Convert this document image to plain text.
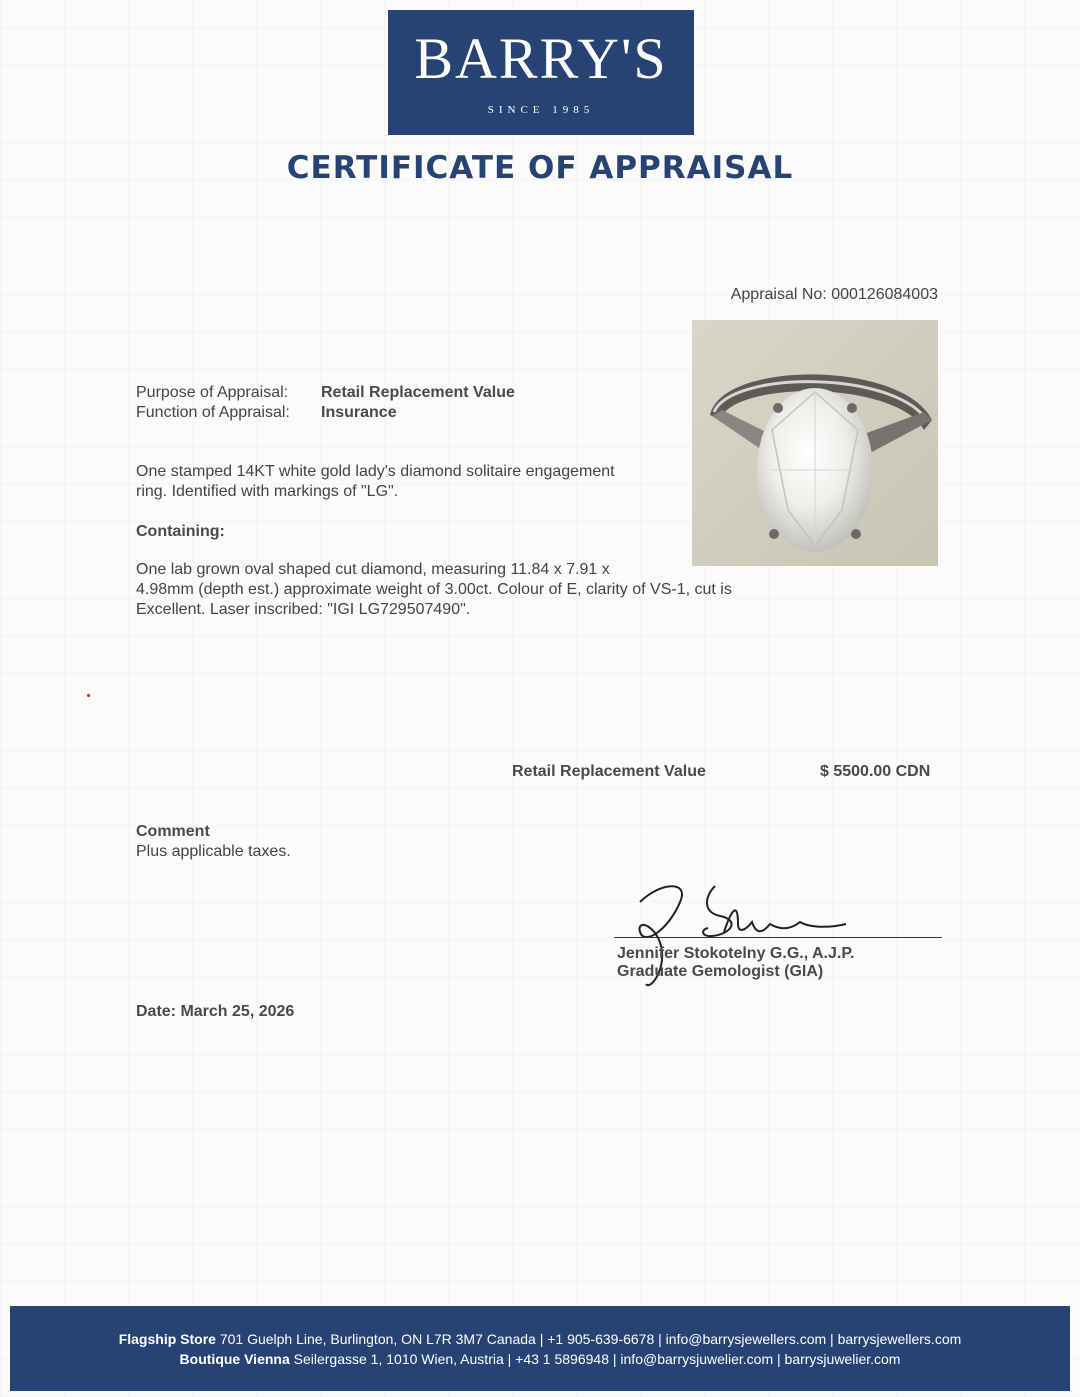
BARRY'S
SINCE 1985
CERTIFICATE OF APPRAISAL
Appraisal No: 000126084003
Purpose of Appraisal: Retail Replacement Value
Function of Appraisal: Insurance
One stamped 14KT white gold lady's diamond solitaire engagement
ring. Identified with markings of "LG".
Containing:
One lab grown oval shaped cut diamond, measuring 11.84 x 7.91 x
4.98mm (depth est.) approximate weight of 3.00ct. Colour of E, clarity of VS-1, cut is
Excellent. Laser inscribed: "IGI LG729507490".
Retail Replacement Value	$ 5500.00 CDN
Comment
Plus applicable taxes.
Jennifer Stokotelny G.G., A.J.P.
Graduate Gemologist (GIA)
Date: March 25, 2026
Flagship Store 701 Guelph Line, Burlington, ON L7R 3M7 Canada | +1 905-639-6678 | info@barrysjewellers.com | barrysjewellers.com
Boutique Vienna Seilergasse 1, 1010 Wien, Austria | +43 1 5896948 | info@barrysjuwelier.com | barrysjuwelier.com
